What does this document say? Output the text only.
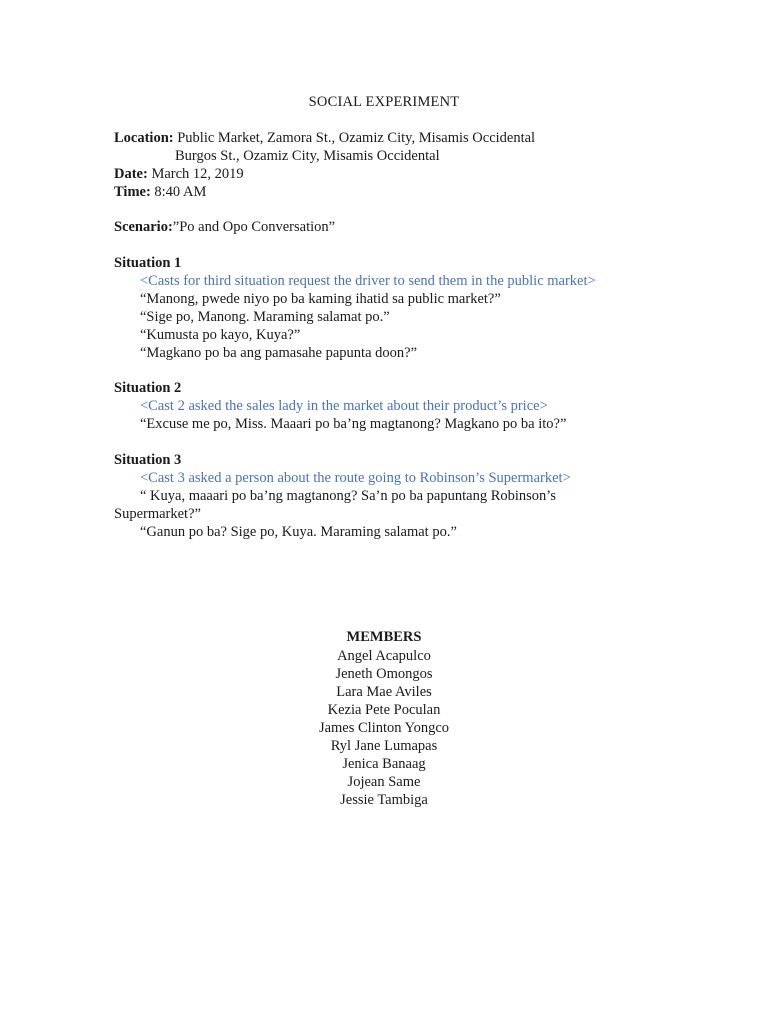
SOCIAL EXPERIMENT
Location: Public Market, Zamora St., Ozamiz City, Misamis Occidental
Burgos St., Ozamiz City, Misamis Occidental
Date: March 12, 2019
Time: 8:40 AM
Scenario:”Po and Opo Conversation”
Situation 1
<Casts for third situation request the driver to send them in the public market>
“Manong, pwede niyo po ba kaming ihatid sa public market?”
“Sige po, Manong. Maraming salamat po.”
“Kumusta po kayo, Kuya?”
“Magkano po ba ang pamasahe papunta doon?”
Situation 2
<Cast 2 asked the sales lady in the market about their product’s price>
“Excuse me po, Miss. Maaari po ba’ng magtanong? Magkano po ba ito?”
Situation 3
<Cast 3 asked a person about the route going to Robinson’s Supermarket>
“ Kuya, maaari po ba’ng magtanong? Sa’n po ba papuntang Robinson’s
Supermarket?”
“Ganun po ba? Sige po, Kuya. Maraming salamat po.”
MEMBERS
Angel Acapulco
Jeneth Omongos
Lara Mae Aviles
Kezia Pete Poculan
James Clinton Yongco
Ryl Jane Lumapas
Jenica Banaag
Jojean Same
Jessie Tambiga
